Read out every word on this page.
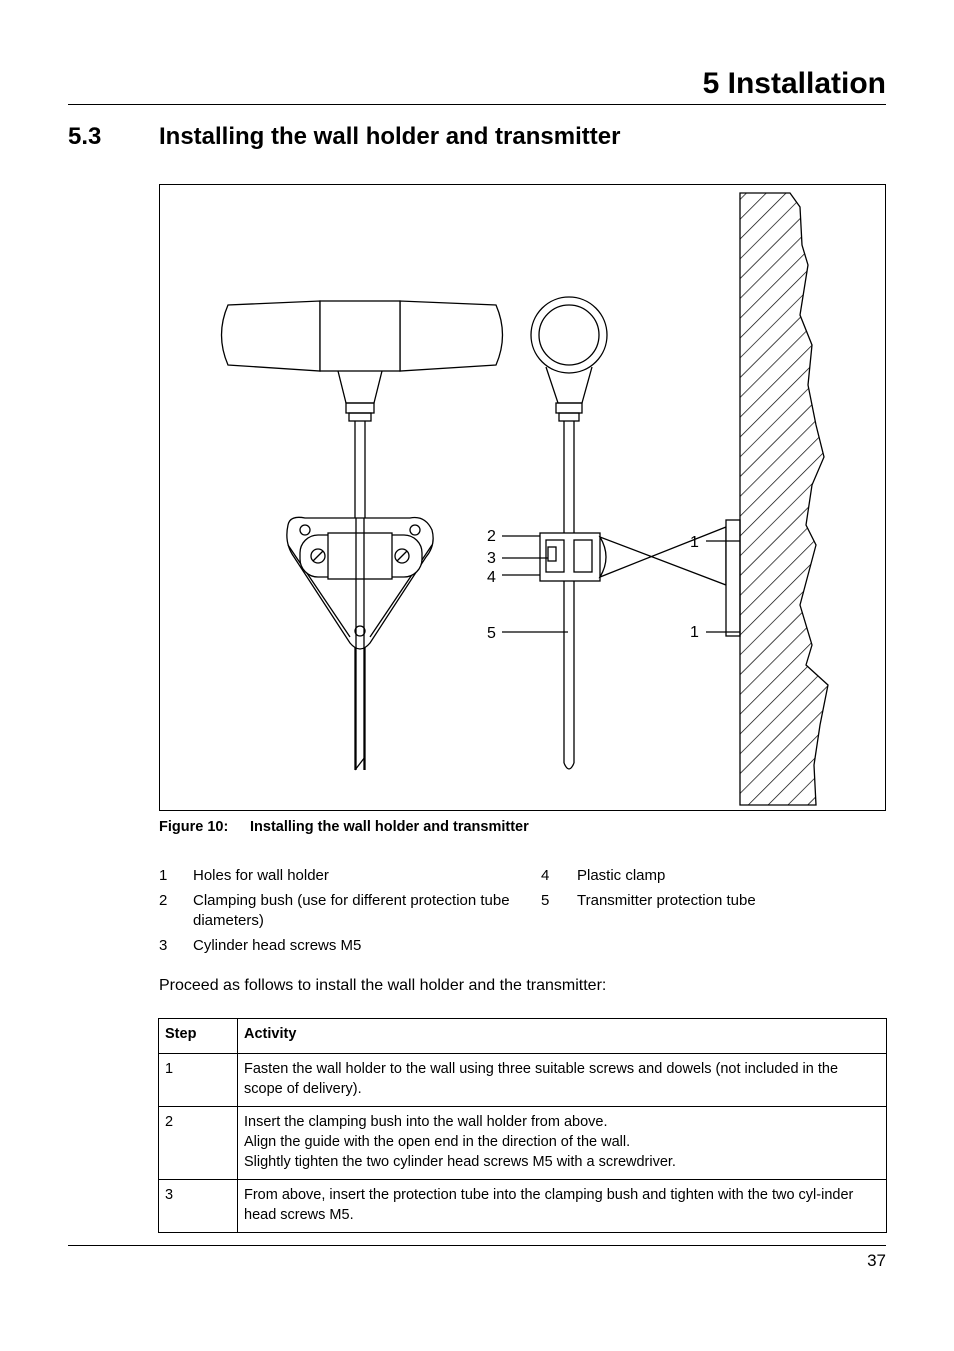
5 Installation
5.3 Installing the wall holder and transmitter
2
3
4
5
1
1
Figure 10: Installing the wall holder and transmitter
1 Holes for wall holder
2 Clamping bush (use for different protection tube diameters)
3 Cylinder head screws M5
4 Plastic clamp
5 Transmitter protection tube
Proceed as follows to install the wall holder and the transmitter:
Step	Activity
1	Fasten the wall holder to the wall using three suitable screws and dowels (not included in the scope of delivery).

2	Insert the clamping bush into the wall holder from above.
Align the guide with the open end in the direction of the wall.
Slightly tighten the two cylinder head screws M5 with a screwdriver.

3	From above, insert the protection tube into the clamping bush and tighten with the two cyl-inder head screws M5.
37
